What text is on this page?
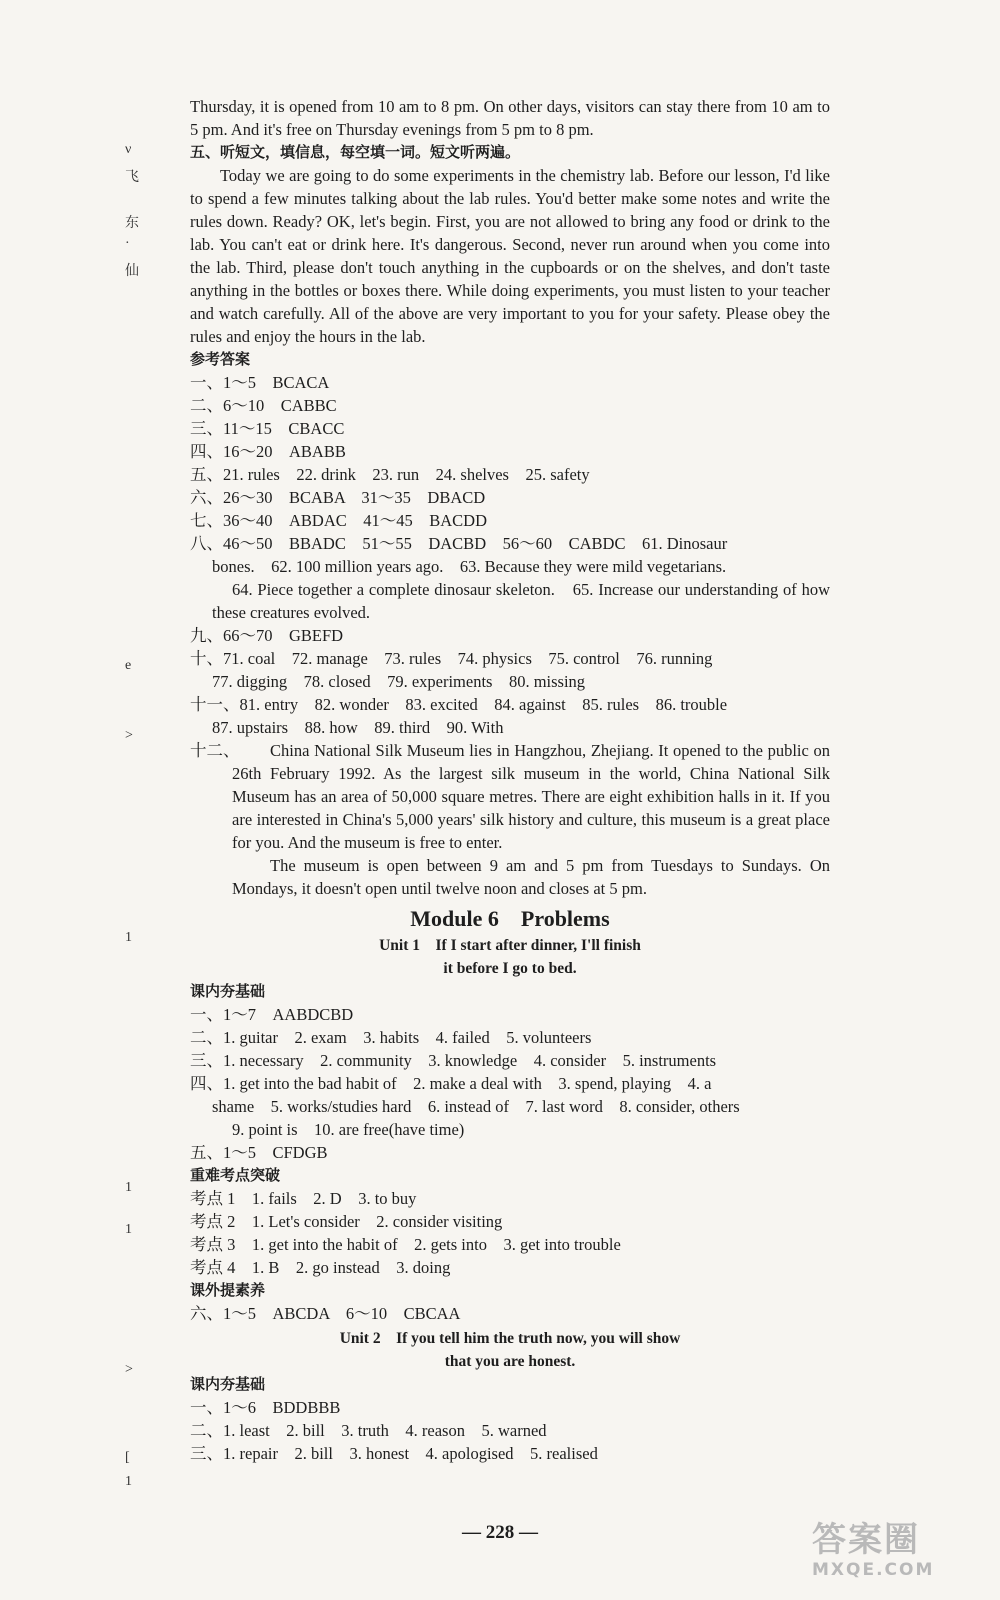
ν
飞
东
·
仙
e
>
1
1
1
>
[
1

Thursday, it is opened from 10 am to 8 pm. On other days, visitors can stay there from 10 am to 5 pm. And it's free on Thursday evenings from 5 pm to 8 pm.

五、听短文，填信息，每空填一词。短文听两遍。

Today we are going to do some experiments in the chemistry lab. Before our lesson, I'd like to spend a few minutes talking about the lab rules. You'd better make some notes and write the rules down. Ready? OK, let's begin. First, you are not allowed to bring any food or drink to the lab. You can't eat or drink here. It's dangerous. Second, never run around when you come into the lab. Third, please don't touch anything in the cupboards or on the shelves, and don't taste anything in the bottles or boxes there. While doing experiments, you must listen to your teacher and watch carefully. All of the above are very important to you for your safety. Please obey the rules and enjoy the hours in the lab.

参考答案

一、1～5　BCACA

二、6～10　CABBC

三、11～15　CBACC

四、16～20　ABABB

五、21. rules　22. drink　23. run　24. shelves　25. safety

六、26～30　BCABA　31～35　DBACD

七、36～40　ABDAC　41～45　BACDD

八、46～50　BBADC　51～55　DACBD　56～60　CABDC　61. Dinosaur

bones.　62. 100 million years ago.　63. Because they were mild vegetarians.

64. Piece together a complete dinosaur skeleton.　65. Increase our understanding of how these creatures evolved.

九、66～70　GBEFD

十、71. coal　72. manage　73. rules　74. physics　75. control　76. running

77. digging　78. closed　79. experiments　80. missing

十一、81. entry　82. wonder　83. excited　84. against　85. rules　86. trouble

87. upstairs　88. how　89. third　90. With

十二、	China National Silk Museum lies in Hangzhou, Zhejiang. It opened to the public on 26th February 1992. As the largest silk museum in the world, China National Silk Museum has an area of 50,000 square metres. There are eight exhibition halls in it. If you are interested in China's 5,000 years' silk history and culture, this museum is a great place for you. And the museum is free to enter.

The museum is open between 9 am and 5 pm from Tuesdays to Sundays. On Mondays, it doesn't open until twelve noon and closes at 5 pm.

Module 6　Problems

Unit 1　If I start after dinner, I'll finish

it before I go to bed.

课内夯基础

一、1～7　AABDCBD

二、1. guitar　2. exam　3. habits　4. failed　5. volunteers

三、1. necessary　2. community　3. knowledge　4. consider　5. instruments

四、1. get into the bad habit of　2. make a deal with　3. spend, playing　4. a

shame　5. works/studies hard　6. instead of　7. last word　8. consider, others

9. point is　10. are free(have time)

五、1～5　CFDGB

重难考点突破

考点 1　1. fails　2. D　3. to buy

考点 2　1. Let's consider　2. consider visiting

考点 3　1. get into the habit of　2. gets into　3. get into trouble

考点 4　1. B　2. go instead　3. doing

课外提素养

六、1～5　ABCDA　6～10　CBCAA

Unit 2　If you tell him the truth now, you will show

that you are honest.

课内夯基础

一、1～6　BDDBBB

二、1. least　2. bill　3. truth　4. reason　5. warned

三、1. repair　2. bill　3. honest　4. apologised　5. realised

— 228 —	答案圈
MXQE.COM
